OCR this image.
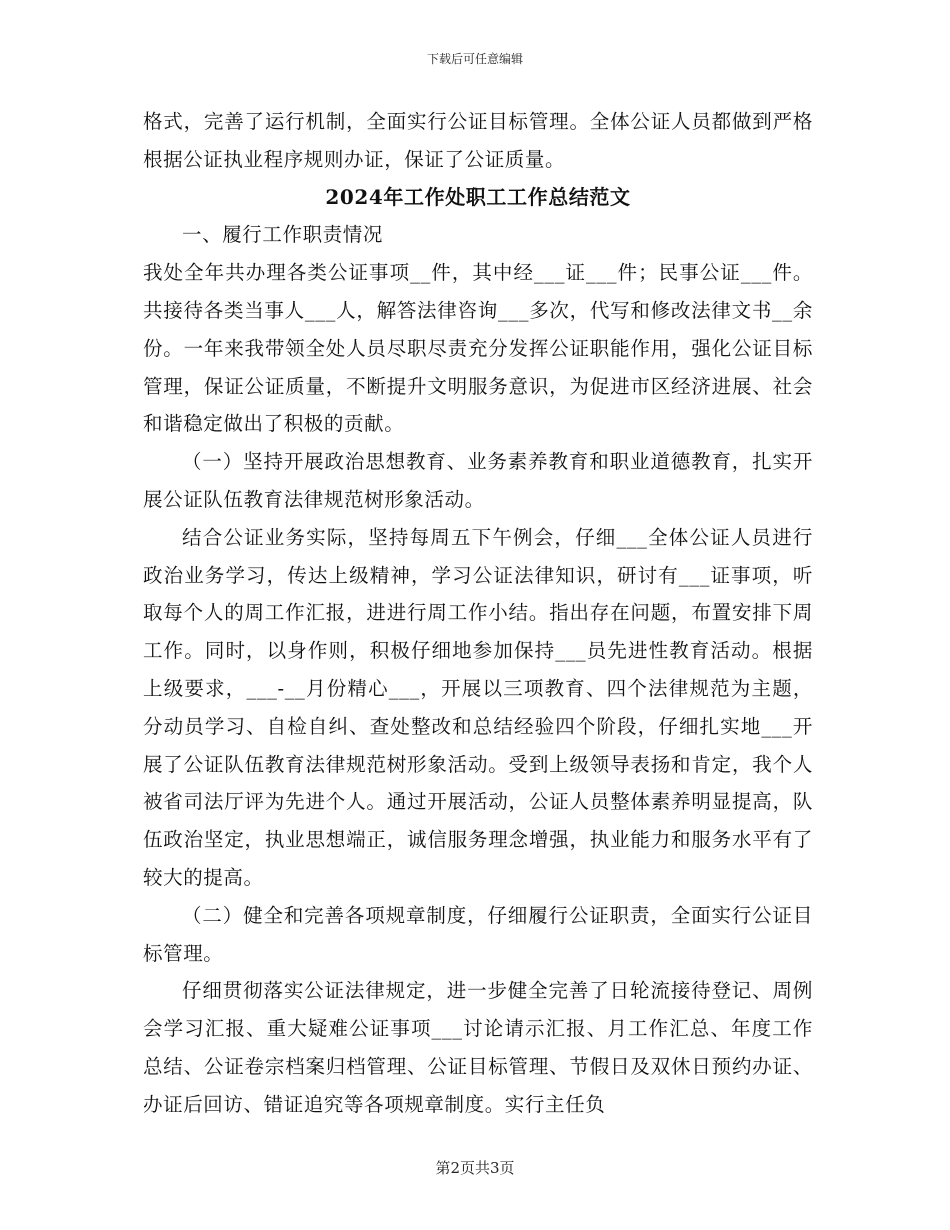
下载后可任意编辑

格式，完善了运行机制，全面实行公证目标管理。全体公证人员都做到严格根据公证执业程序规则办证，保证了公证质量。

2024年工作处职工工作总结范文

一、履行工作职责情况

我处全年共办理各类公证事项__件，其中经___证___件；民事公证___件。共接待各类当事人___人，解答法律咨询___多次，代写和修改法律文书__余份。一年来我带领全处人员尽职尽责充分发挥公证职能作用，强化公证目标管理，保证公证质量，不断提升文明服务意识，为促进市区经济进展、社会和谐稳定做出了积极的贡献。

（一）坚持开展政治思想教育、业务素养教育和职业道德教育，扎实开展公证队伍教育法律规范树形象活动。

结合公证业务实际，坚持每周五下午例会，仔细___全体公证人员进行政治业务学习，传达上级精神，学习公证法律知识，研讨有___证事项，听取每个人的周工作汇报，进进行周工作小结。指出存在问题，布置安排下周工作。同时，以身作则，积极仔细地参加保持___员先进性教育活动。根据上级要求，___-__月份精心___，开展以三项教育、四个法律规范为主题，分动员学习、自检自纠、查处整改和总结经验四个阶段，仔细扎实地___开展了公证队伍教育法律规范树形象活动。受到上级领导表扬和肯定，我个人被省司法厅评为先进个人。通过开展活动，公证人员整体素养明显提高，队伍政治坚定，执业思想端正，诚信服务理念增强，执业能力和服务水平有了较大的提高。

（二）健全和完善各项规章制度，仔细履行公证职责，全面实行公证目标管理。

仔细贯彻落实公证法律规定，进一步健全完善了日轮流接待登记、周例会学习汇报、重大疑难公证事项___讨论请示汇报、月工作汇总、年度工作总结、公证卷宗档案归档管理、公证目标管理、节假日及双休日预约办证、办证后回访、错证追究等各项规章制度。实行主任负

第2页共3页
